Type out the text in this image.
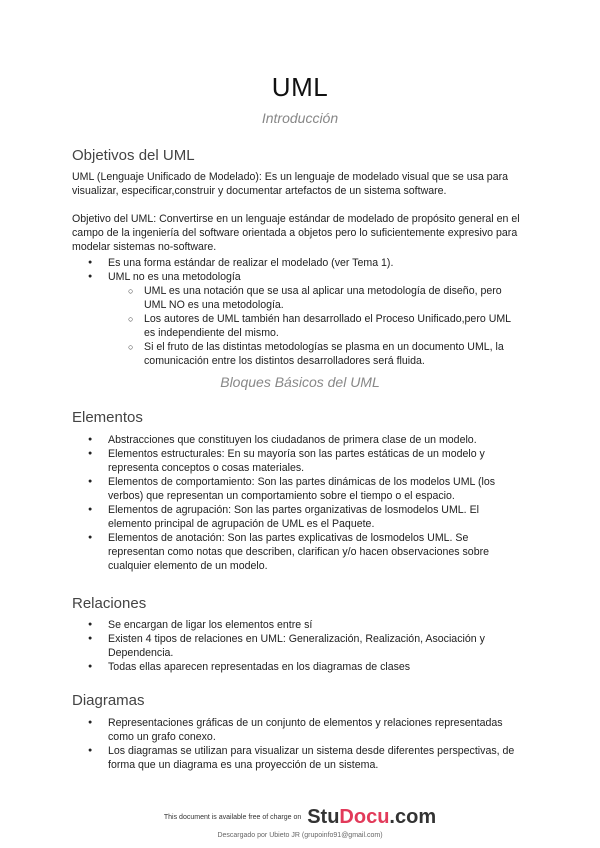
UML
Introducción
Objetivos del UML

UML (Lenguaje Unificado de Modelado): Es un lenguaje de modelado visual que se usa para visualizar, especificar,construir y documentar artefactos de un sistema software.

Objetivo del UML: Convertirse en un lenguaje estándar de modelado de propósito general en el campo de la ingeniería del software orientada a objetos pero lo suficientemente expresivo para modelar sistemas no-software.

● Es una forma estándar de realizar el modelado (ver Tema 1).
● UML no es una metodología
○ UML es una notación que se usa al aplicar una metodología de diseño, pero UML NO es una metodología.
○ Los autores de UML también han desarrollado el Proceso Unificado,pero UML es independiente del mismo.
○ Si el fruto de las distintas metodologías se plasma en un documento UML, la comunicación entre los distintos desarrolladores será fluida.
Bloques Básicos del UML
Elementos
● Abstracciones que constituyen los ciudadanos de primera clase de un modelo.
● Elementos estructurales: En su mayoría son las partes estáticas de un modelo y representa conceptos o cosas materiales.
● Elementos de comportamiento: Son las partes dinámicas de los modelos UML (los verbos) que representan un comportamiento sobre el tiempo o el espacio.
● Elementos de agrupación: Son las partes organizativas de losmodelos UML. El elemento principal de agrupación de UML es el Paquete.
● Elementos de anotación: Son las partes explicativas de losmodelos UML. Se representan como notas que describen, clarifican y/o hacen observaciones sobre cualquier elemento de un modelo.
Relaciones
● Se encargan de ligar los elementos entre sí
● Existen 4 tipos de relaciones en UML: Generalización, Realización, Asociación y Dependencia.
● Todas ellas aparecen representadas en los diagramas de clases
Diagramas
● Representaciones gráficas de un conjunto de elementos y relaciones representadas como un grafo conexo.
● Los diagramas se utilizan para visualizar un sistema desde diferentes perspectivas, de forma que un diagrama es una proyección de un sistema.
This document is available free of charge on StuDocu.com
Descargado por Ubieto JR (grupoinfo91@gmail.com)
